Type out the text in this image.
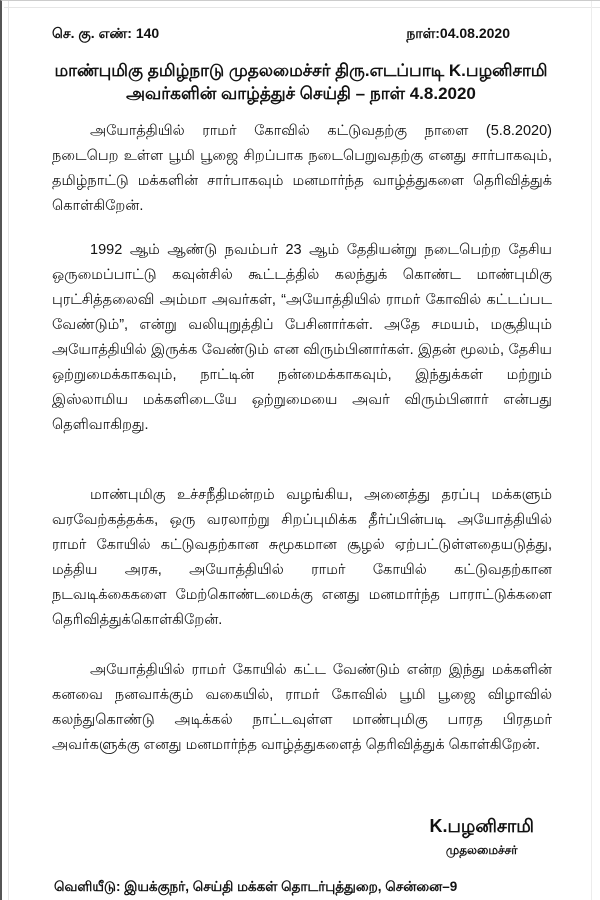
செ. கு. எண்: 140	நாள்:04.08.2020
மாண்புமிகு தமிழ்நாடு முதலமைச்சர் திரு.எடப்பாடி K.பழனிசாமி
அவர்களின் வாழ்த்துச் செய்தி – நாள் 4.8.2020

அயோத்தியில் ராமர் கோவில் கட்டுவதற்கு நாளை (5.8.2020) நடைபெற உள்ள பூமி பூஜை சிறப்பாக நடைபெறுவதற்கு எனது சார்பாகவும், தமிழ்நாட்டு மக்களின் சார்பாகவும் மனமார்ந்த வாழ்த்துகளை தெரிவித்துக் கொள்கிறேன்.

1992 ஆம் ஆண்டு நவம்பர் 23 ஆம் தேதியன்று நடைபெற்ற தேசிய ஒருமைப்பாட்டு கவுன்சில் கூட்டத்தில் கலந்துக் கொண்ட மாண்புமிகு புரட்சித்தலைவி அம்மா அவர்கள், “அயோத்தியில் ராமர் கோவில் கட்டப்பட வேண்டும்”, என்று வலியுறுத்திப் பேசினார்கள். அதே சமயம், மசூதியும் அயோத்தியில் இருக்க வேண்டும் என விரும்பினார்கள். இதன் மூலம், தேசிய ஒற்றுமைக்காகவும், நாட்டின் நன்மைக்காகவும், இந்துக்கள் மற்றும் இஸ்லாமிய மக்களிடையே ஒற்றுமையை அவர் விரும்பினார் என்பது தெளிவாகிறது.

மாண்புமிகு உச்சநீதிமன்றம் வழங்கிய, அனைத்து தரப்பு மக்களும் வரவேற்கத்தக்க, ஒரு வரலாற்று சிறப்புமிக்க தீர்ப்பின்படி அயோத்தியில் ராமர் கோயில் கட்டுவதற்கான சுமூகமான சூழல் ஏற்பட்டுள்ளதையடுத்து, மத்திய அரசு, அயோத்தியில் ராமர் கோயில் கட்டுவதற்கான நடவடிக்கைகளை மேற்கொண்டமைக்கு எனது மனமார்ந்த பாராட்டுக்களை தெரிவித்துக்கொள்கிறேன்.

அயோத்தியில் ராமர் கோயில் கட்ட வேண்டும் என்ற இந்து மக்களின் கனவை நனவாக்கும் வகையில், ராமர் கோவில் பூமி பூஜை விழாவில் கலந்துகொண்டு அடிக்கல் நாட்டவுள்ள மாண்புமிகு பாரத பிரதமர் அவர்களுக்கு எனது மனமார்ந்த வாழ்த்துகளைத் தெரிவித்துக் கொள்கிறேன்.

K.பழனிசாமி
முதலமைச்சர்
வெளியீடு: இயக்குநர், செய்தி மக்கள் தொடர்புத்துறை, சென்னை–9
